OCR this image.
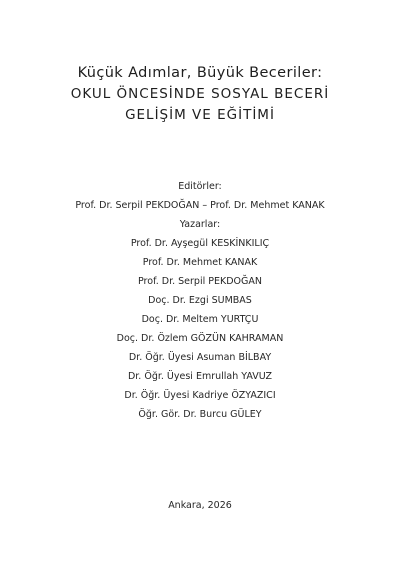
Küçük Adımlar, Büyük Beceriler:
OKUL ÖNCESİNDE SOSYAL BECERİ
GELİŞİM VE EĞİTİMİ
Editörler:
Prof. Dr. Serpil PEKDOĞAN – Prof. Dr. Mehmet KANAK
Yazarlar:
Prof. Dr. Ayşegül KESKİNKILIÇ
Prof. Dr. Mehmet KANAK
Prof. Dr. Serpil PEKDOĞAN
Doç. Dr. Ezgi SUMBAS
Doç. Dr. Meltem YURTÇU
Doç. Dr. Özlem GÖZÜN KAHRAMAN
Dr. Öğr. Üyesi Asuman BİLBAY
Dr. Öğr. Üyesi Emrullah YAVUZ
Dr. Öğr. Üyesi Kadriye ÖZYAZICI
Öğr. Gör. Dr. Burcu GÜLEY
Ankara, 2026
